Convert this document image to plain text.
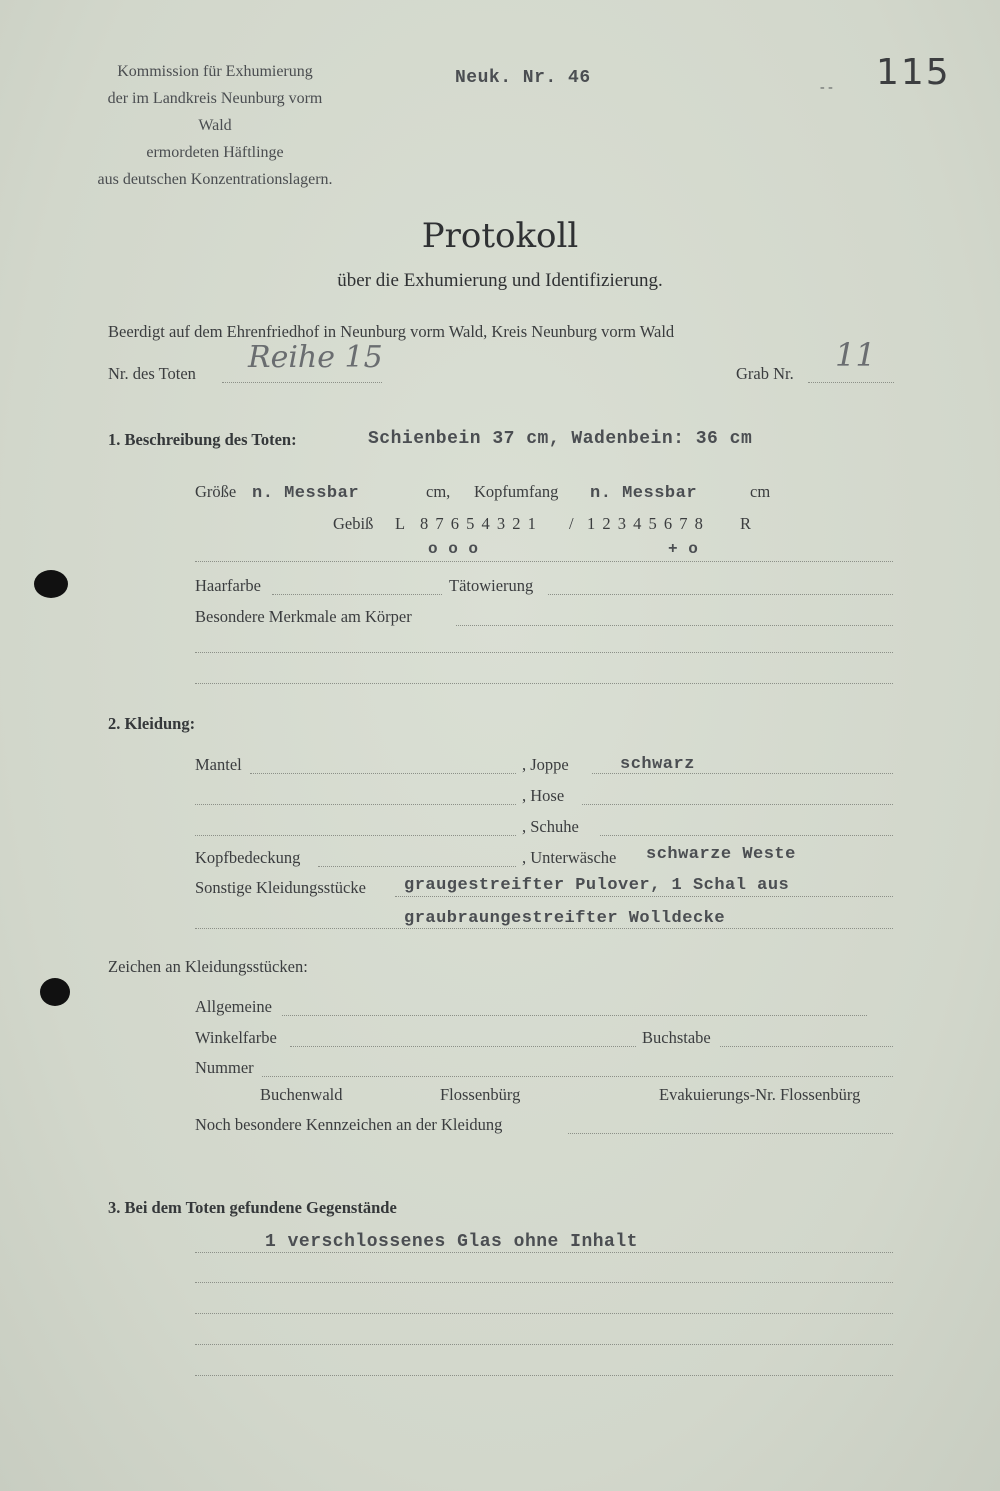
Kommission für Exhumierung
der im Landkreis Neunburg vorm Wald
ermordeten Häftlinge
aus deutschen Konzentrationslagern.
Neuk. Nr. 46	115
- -
Protokoll
über die Exhumierung und Identifizierung.
Beerdigt auf dem Ehrenfriedhof in Neunburg vorm Wald, Kreis Neunburg vorm Wald
Nr. des Toten Reihe 15	Grab Nr. 11
1. Beschreibung des Toten:	Schienbein 37 cm, Wadenbein: 36 cm
Größe n. Messbar	cm, Kopfumfang n. Messbar	cm
Gebiß L 8 7 6 5 4 3 2 1 / 1 2 3 4 5 6 7 8 R
o o o	+ o
Haarfarbe	Tätowierung
Besondere Merkmale am Körper
2. Kleidung:
Mantel	, Joppe	schwarz
, Hose
, Schuhe
Kopfbedeckung	, Unterwäsche schwarze Weste
Sonstige Kleidungsstücke graugestreifter Pulover, 1 Schal aus
graubraungestreifter Wolldecke
Zeichen an Kleidungsstücken:
Allgemeine
Winkelfarbe	Buchstabe
Nummer
Buchenwald	Flossenbürg	Evakuierungs-Nr. Flossenbürg
Noch besondere Kennzeichen an der Kleidung
3. Bei dem Toten gefundene Gegenstände
1 verschlossenes Glas ohne Inhalt
